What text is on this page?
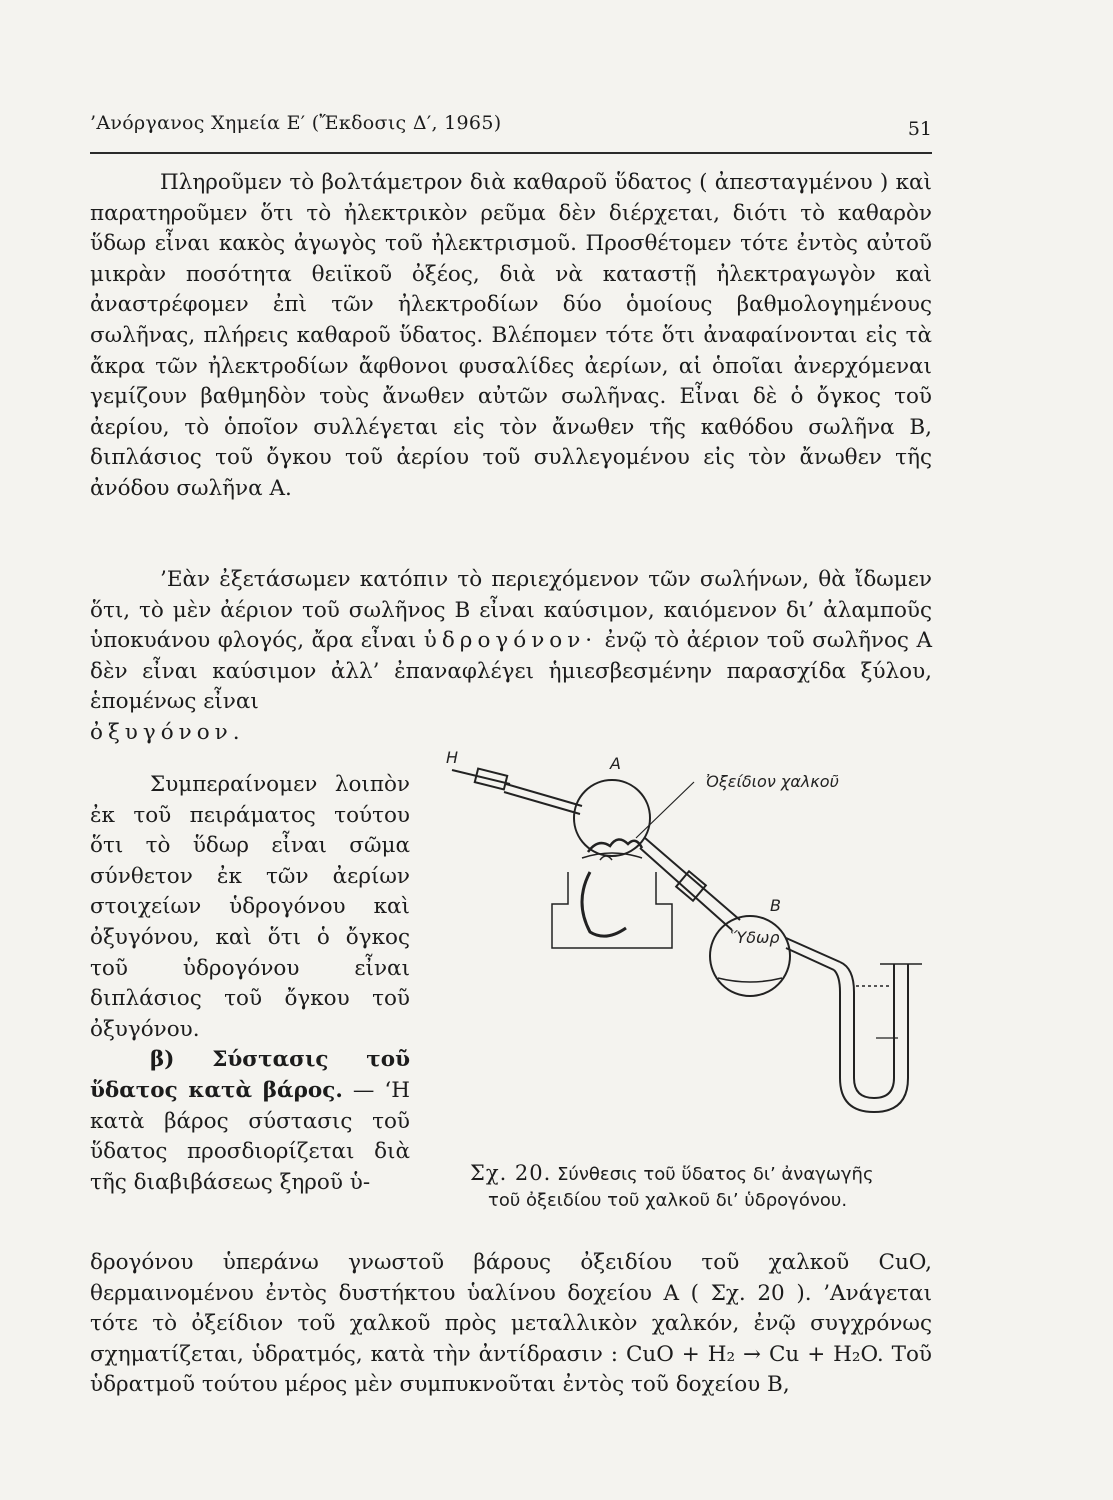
’Ανόργανος Χημεία Ε′ (Ἔκδοσις Δ′, 1965)	51

Πληροῦμεν τὸ βολτάμετρον διὰ καθαροῦ ὕδατος ( ἀπεσταγμένου ) καὶ παρατηροῦμεν ὅτι τὸ ἠλεκτρικὸν ρεῦμα δὲν διέρχεται, διότι τὸ καθαρὸν ὕδωρ εἶναι κακὸς ἀγωγὸς τοῦ ἠλεκτρισμοῦ. Προσθέτομεν τότε ἐντὸς αὐτοῦ μικρὰν ποσότητα θειϊκοῦ ὀξέος, διὰ νὰ καταστῇ ἠλεκτραγωγὸν καὶ ἀναστρέφομεν ἐπὶ τῶν ἠλεκτροδίων δύο ὁμοίους βαθμολογημένους σωλῆνας, πλήρεις καθαροῦ ὕδατος. Βλέπομεν τότε ὅτι ἀναφαίνονται εἰς τὰ ἄκρα τῶν ἠλεκτροδίων ἄφθονοι φυσαλίδες ἀερίων, αἱ ὁποῖαι ἀνερχόμεναι γεμίζουν βαθμηδὸν τοὺς ἄνωθεν αὐτῶν σωλῆνας. Εἶναι δὲ ὁ ὄγκος τοῦ ἀερίου, τὸ ὁποῖον συλλέγεται εἰς τὸν ἄνωθεν τῆς καθόδου σωλῆνα Β, διπλάσιος τοῦ ὄγκου τοῦ ἀερίου τοῦ συλλεγομένου εἰς τὸν ἄνωθεν τῆς ἀνόδου σωλῆνα Α.

’Εὰν ἐξετάσωμεν κατόπιν τὸ περιεχόμενον τῶν σωλήνων, θὰ ἴδωμεν ὅτι, τὸ μὲν ἀέριον τοῦ σωλῆνος Β εἶναι καύσιμον, καιόμενον δι’ ἀλαμποῦς ὑποκυάνου φλογός, ἄρα εἶναι ὑδρογόνον· ἐνῷ τὸ ἀέριον τοῦ σωλῆνος Α δὲν εἶναι καύσιμον ἀλλ’ ἐπαναφλέγει ἡμιεσβεσμένην παρασχίδα ξύλου, ἑπομένως εἶναι
ὀξυγόνον.

Συμπεραίνομεν λοιπὸν ἐκ τοῦ πειράματος τούτου ὅτι τὸ ὕδωρ εἶναι σῶμα σύνθετον ἐκ τῶν ἀερίων στοιχείων ὑδρογόνου καὶ ὀξυγόνου, καὶ ὅτι ὁ ὄγκος τοῦ ὑδρογόνου εἶναι διπλάσιος τοῦ ὄγκου τοῦ ὀξυγόνου.
β) Σύστασις τοῦ ὕδατος κατὰ βάρος. — ‘Η κατὰ βάρος σύστασις τοῦ ὕδατος προσδιορίζεται διὰ τῆς διαβιβάσεως ξηροῦ ὑ-

H	A
Ὀξείδιον χαλκοῦ
B
Ὕδωρ
Σχ. 20. Σύνθεσις τοῦ ὕδατος δι’ ἀναγωγῆς
τοῦ ὀξειδίου τοῦ χαλκοῦ δι’ ὑδρογόνου.

δρογόνου ὑπεράνω γνωστοῦ βάρους ὀξειδίου τοῦ χαλκοῦ CuO, θερμαινομένου ἐντὸς δυστήκτου ὑαλίνου δοχείου Α ( Σχ. 20 ). ’Ανάγεται τότε τὸ ὀξείδιον τοῦ χαλκοῦ πρὸς μεταλλικὸν χαλκόν, ἐνῷ συγχρόνως σχηματίζεται, ὑδρατμός, κατὰ τὴν ἀντίδρασιν : CuO + H₂ → Cu + H₂O. Τοῦ ὑδρατμοῦ τούτου μέρος μὲν συμπυκνοῦται ἐντὸς τοῦ δοχείου Β,
